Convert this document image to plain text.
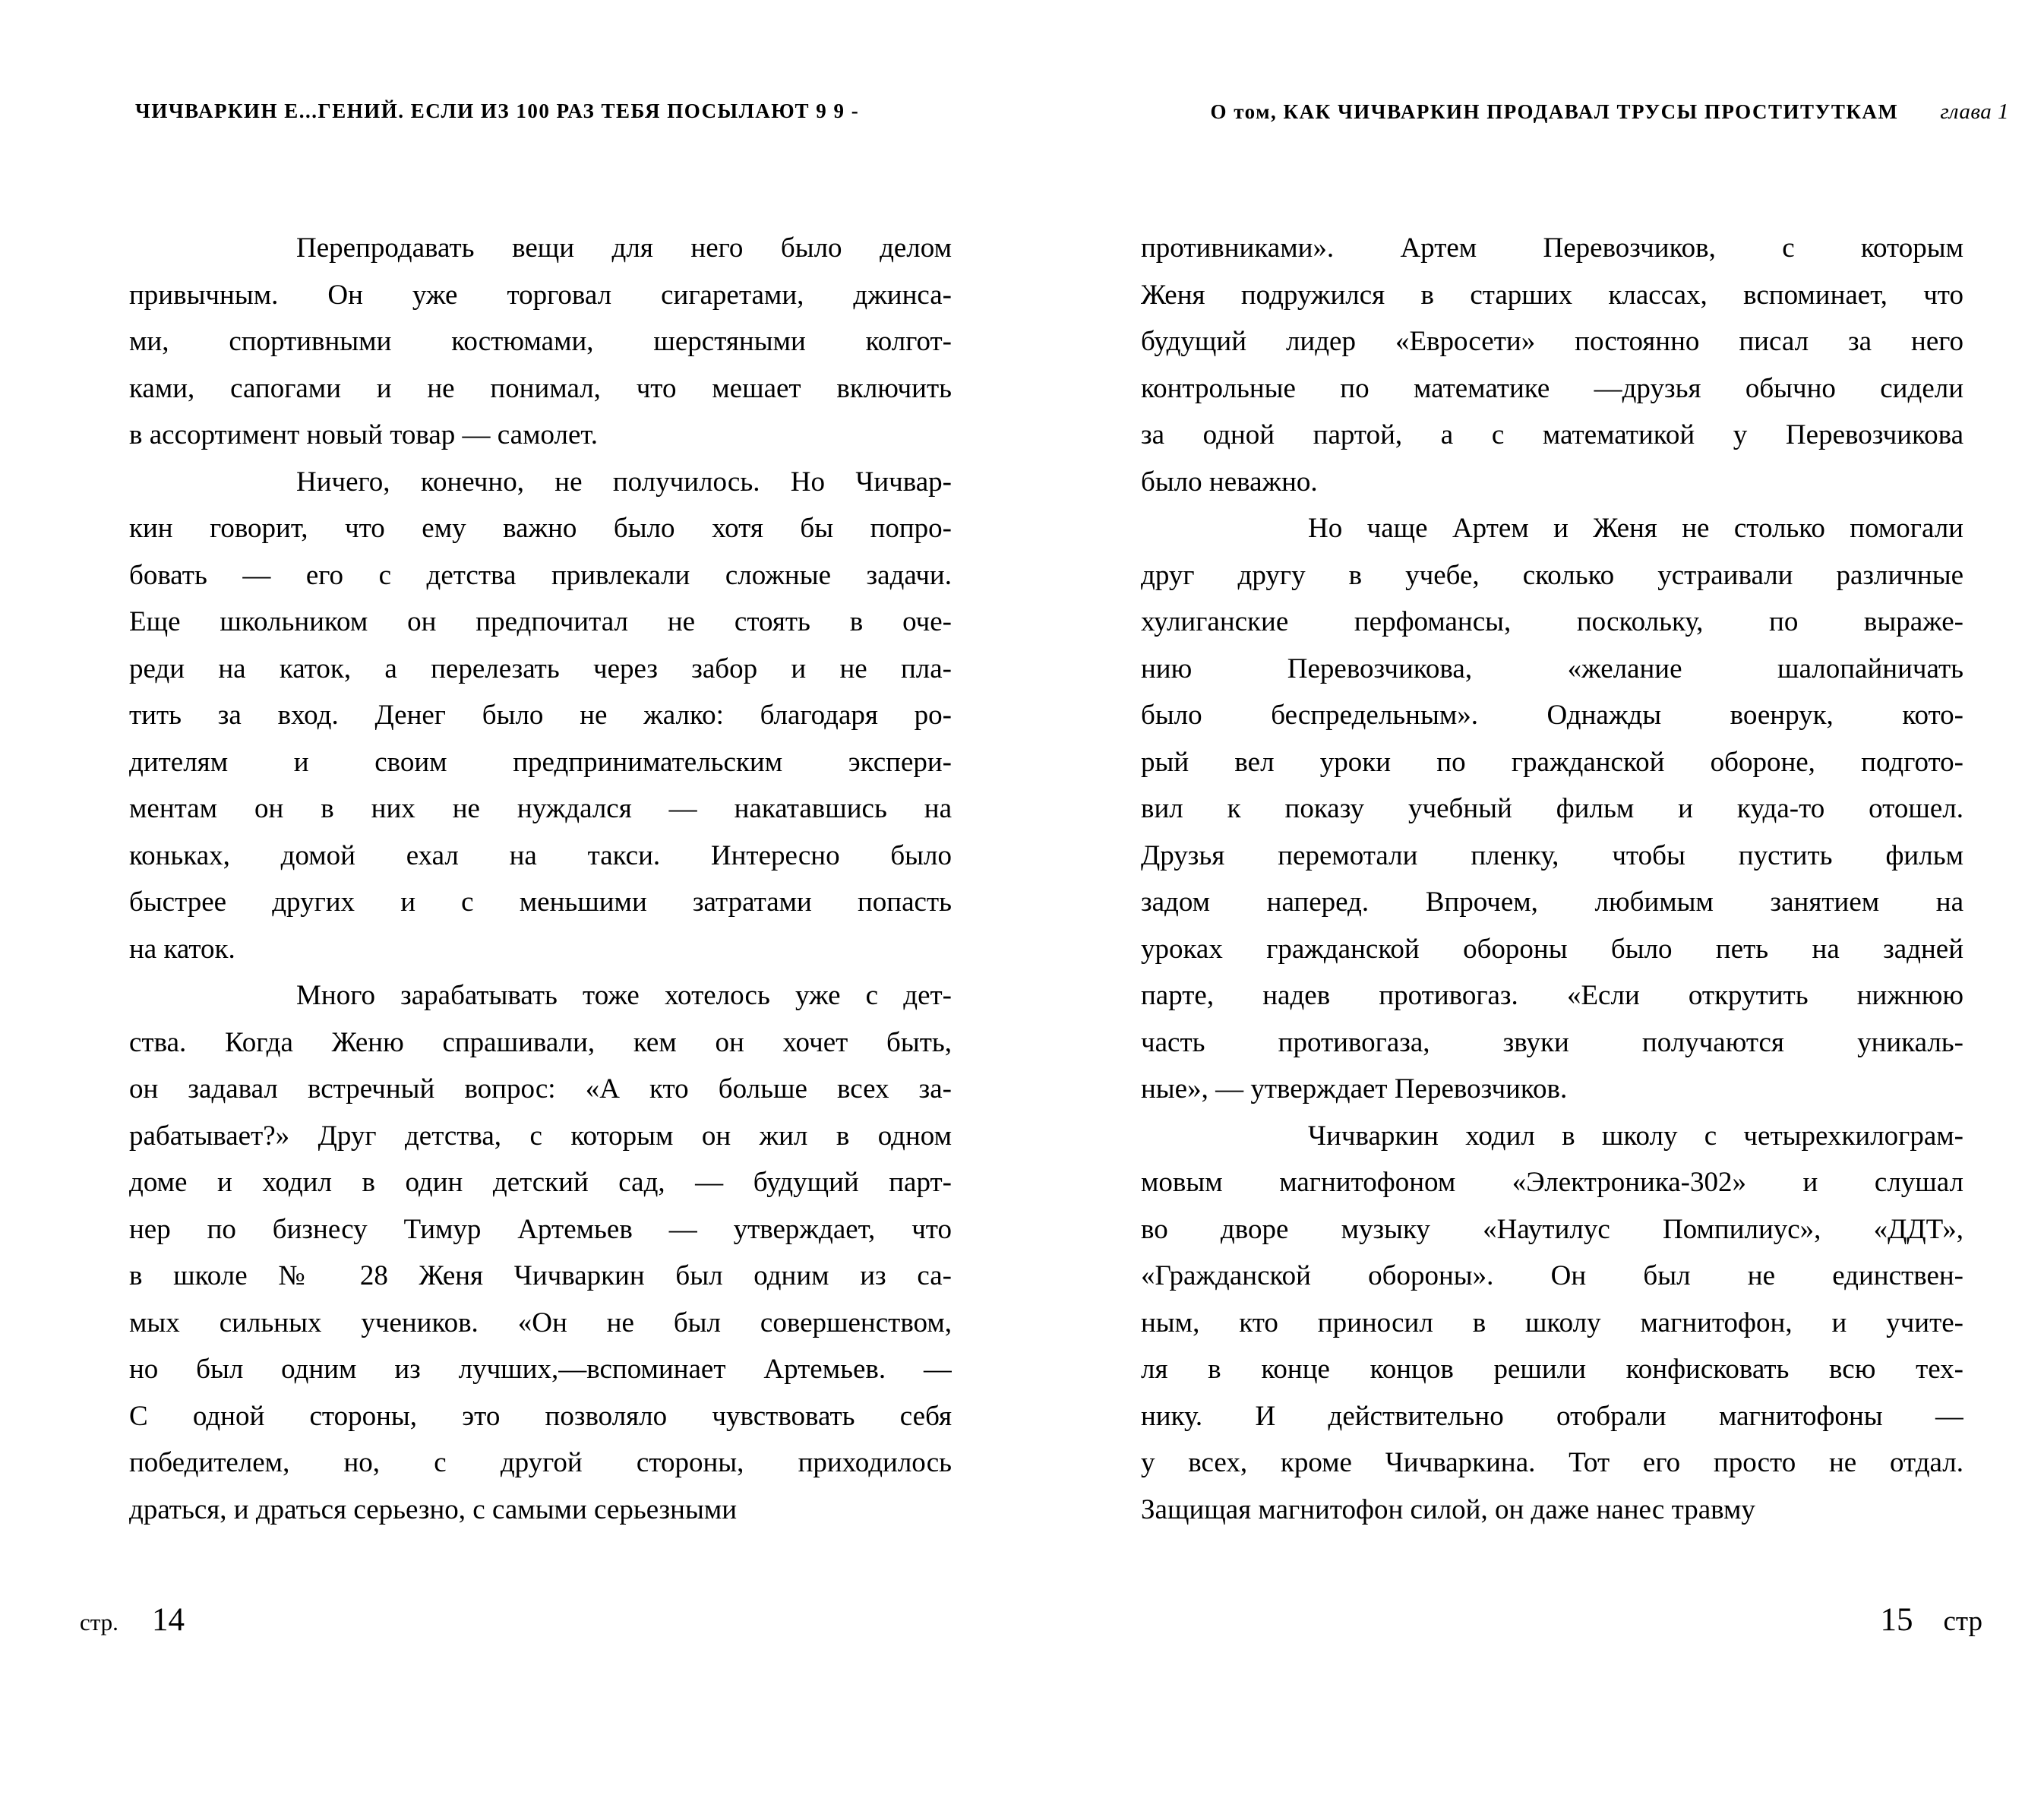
ЧИЧВАРКИН Е...ГЕНИЙ. ЕСЛИ ИЗ 100 РАЗ ТЕБЯ ПОСЫЛАЮТ 9 9 -	О том, КАК ЧИЧВАРКИН ПРОДАВАЛ ТРУСЫ ПРОСТИТУТКАМ глава 1
Перепродавать вещи для него было делом
привычным. Он уже торговал сигаретами, джинса-
ми, спортивными костюмами, шерстяными колгот-
ками, сапогами и не понимал, что мешает включить
в ассортимент новый товар — самолет.
Ничего, конечно, не получилось. Но Чичвар-
кин говорит, что ему важно было хотя бы попро-
бовать — его с детства привлекали сложные задачи.
Еще школьником он предпочитал не стоять в оче-
реди на каток, а перелезать через забор и не пла-
тить за вход. Денег было не жалко: благодаря ро-
дителям и своим предпринимательским экспери-
ментам он в них не нуждался — накатавшись на
коньках, домой ехал на такси. Интересно было
быстрее других и с меньшими затратами попасть
на каток.
Много зарабатывать тоже хотелось уже с дет-
ства. Когда Женю спрашивали, кем он хочет быть,
он задавал встречный вопрос: «А кто больше всех за-
рабатывает?» Друг детства, с которым он жил в одном
доме и ходил в один детский сад, — будущий парт-
нер по бизнесу Тимур Артемьев — утверждает, что
в школе № 28 Женя Чичваркин был одним из са-
мых сильных учеников. «Он не был совершенством,
но был одним из лучших,—вспоминает Артемьев. —
С одной стороны, это позволяло чувствовать себя
победителем, но, с другой стороны, приходилось
драться, и драться серьезно, с самыми серьезными
противниками». Артем Перевозчиков, с которым
Женя подружился в старших классах, вспоминает, что
будущий лидер «Евросети» постоянно писал за него
контрольные по математике —друзья обычно сидели
за одной партой, а с математикой у Перевозчикова
было неважно.
Но чаще Артем и Женя не столько помогали
друг другу в учебе, сколько устраивали различные
хулиганские перфомансы, поскольку, по выраже-
нию Перевозчикова, «желание шалопайничать
было беспредельным». Однажды военрук, кото-
рый вел уроки по гражданской обороне, подгото-
вил к показу учебный фильм и куда-то отошел.
Друзья перемотали пленку, чтобы пустить фильм
задом наперед. Впрочем, любимым занятием на
уроках гражданской обороны было петь на задней
парте, надев противогаз. «Если открутить нижнюю
часть противогаза, звуки получаются уникаль-
ные», — утверждает Перевозчиков.
Чичваркин ходил в школу с четырехкилограм-
мовым магнитофоном «Электроника-302» и слушал
во дворе музыку «Наутилус Помпилиус», «ДДТ»,
«Гражданской обороны». Он был не единствен-
ным, кто приносил в школу магнитофон, и учите-
ля в конце концов решили конфисковать всю тех-
нику. И действительно отобрали магнитофоны —
у всех, кроме Чичваркина. Тот его просто не отдал.
Защищая магнитофон силой, он даже нанес травму
стр. 14	15 стр
